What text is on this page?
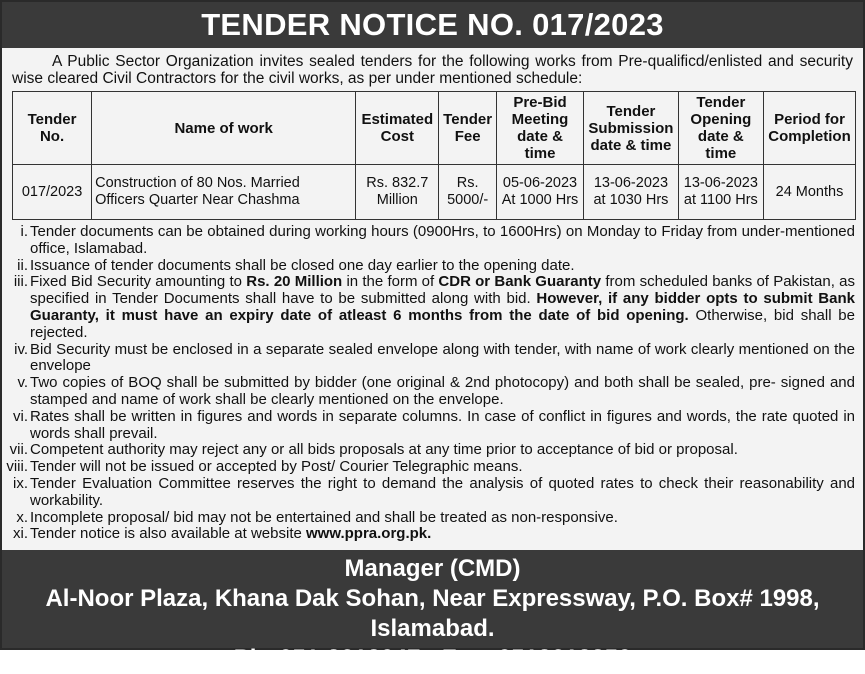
TENDER NOTICE NO. 017/2023
A Public Sector Organization invites sealed tenders for the following works from Pre-qualificd/enlisted and security wise cleared Civil Contractors for the civil works, as per under mentioned schedule:
Tender No.	Name of work	Estimated Cost	Tender Fee	Pre-Bid Meeting date & time	Tender Submission date & time	Tender Opening date & time	Period for Completion
017/2023	Construction of 80 Nos. Married Officers Quarter Near Chashma	Rs. 832.7 Million	Rs. 5000/-	05-06-2023 At 1000 Hrs	13-06-2023 at 1030 Hrs	13-06-2023 at 1100 Hrs	24 Months
i. Tender documents can be obtained during working hours (0900Hrs, to 1600Hrs) on Monday to Friday from under-mentioned office, Islamabad.
ii. Issuance of tender documents shall be closed one day earlier to the opening date.
iii. Fixed Bid Security amounting to Rs. 20 Million in the form of CDR or Bank Guaranty from scheduled banks of Pakistan, as specified in Tender Documents shall have to be submitted along with bid. However, if any bidder opts to submit Bank Guaranty, it must have an expiry date of atleast 6 months from the date of bid opening. Otherwise, bid shall be rejected.
iv. Bid Security must be enclosed in a separate sealed envelope along with tender, with name of work clearly mentioned on the envelope
v. Two copies of BOQ shall be submitted by bidder (one original & 2nd photocopy) and both shall be sealed, pre- signed and stamped and name of work shall be clearly mentioned on the envelope.
vi. Rates shall be written in figures and words in separate columns. In case of conflict in figures and words, the rate quoted in words shall prevail.
vii. Competent authority may reject any or all bids proposals at any time prior to acceptance of bid or proposal.
viii. Tender will not be issued or accepted by Post/ Courier Telegraphic means.
ix. Tender Evaluation Committee reserves the right to demand the analysis of quoted rates to check their reasonability and workability.
x. Incomplete proposal/ bid may not be entertained and shall be treated as non-responsive.
xi. Tender notice is also available at website www.ppra.org.pk.
Manager (CMD)
Al-Noor Plaza, Khana Dak Sohan, Near Expressway, P.O. Box# 1998, Islamabad.
Ph: 051-2612047 - Fax: 0512612250
